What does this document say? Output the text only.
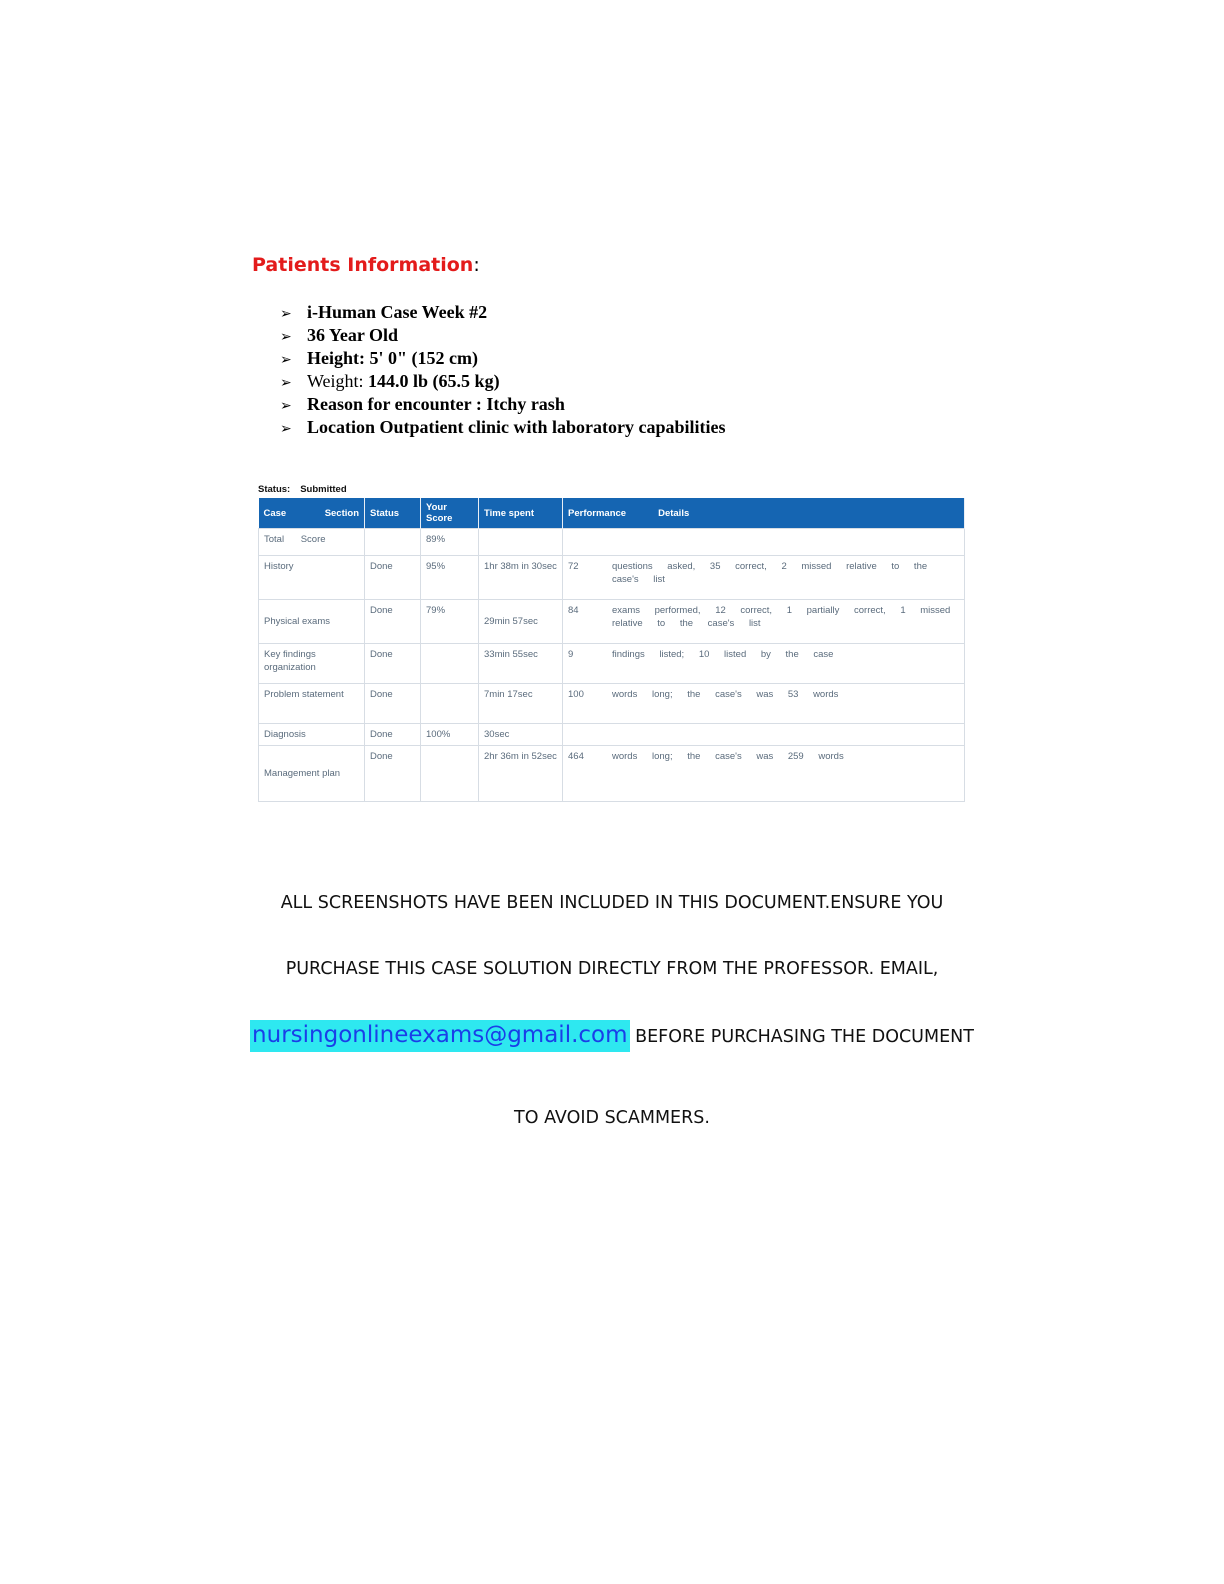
Patients Information:
➢ i-Human Case Week #2
➢ 36 Year Old
➢ Height: 5' 0" (152 cm)
➢ Weight: 144.0 lb (65.5 kg)
➢ Reason for encounter : Itchy rash
➢ Location Outpatient clinic with laboratory capabilities
Status: Submitted
Case Section	Status	Your Score	Time spent	Performance Details
Total Score		89%		
History	Done	95%	1hr 38m in 30sec	72 questions asked, 35 correct, 2 missed relative to the case's list

Physical exams	Done	79%	29min 57sec	84 exams performed, 12 correct, 1 partially correct, 1 missed relative to the case's list

Key findings organization	Done		33min 55sec	9 findings listed; 10 listed by the case

Problem statement	Done		7min 17sec	100 words long; the case's was 53 words

Diagnosis	Done	100%	30sec	
Management plan	Done		2hr 36m in 52sec	464 words long; the case's was 259 words
ALL SCREENSHOTS HAVE BEEN INCLUDED IN THIS DOCUMENT.ENSURE YOU
PURCHASE THIS CASE SOLUTION DIRECTLY FROM THE PROFESSOR. EMAIL,
nursingonlineexams@gmail.com BEFORE PURCHASING THE DOCUMENT
TO AVOID SCAMMERS.
